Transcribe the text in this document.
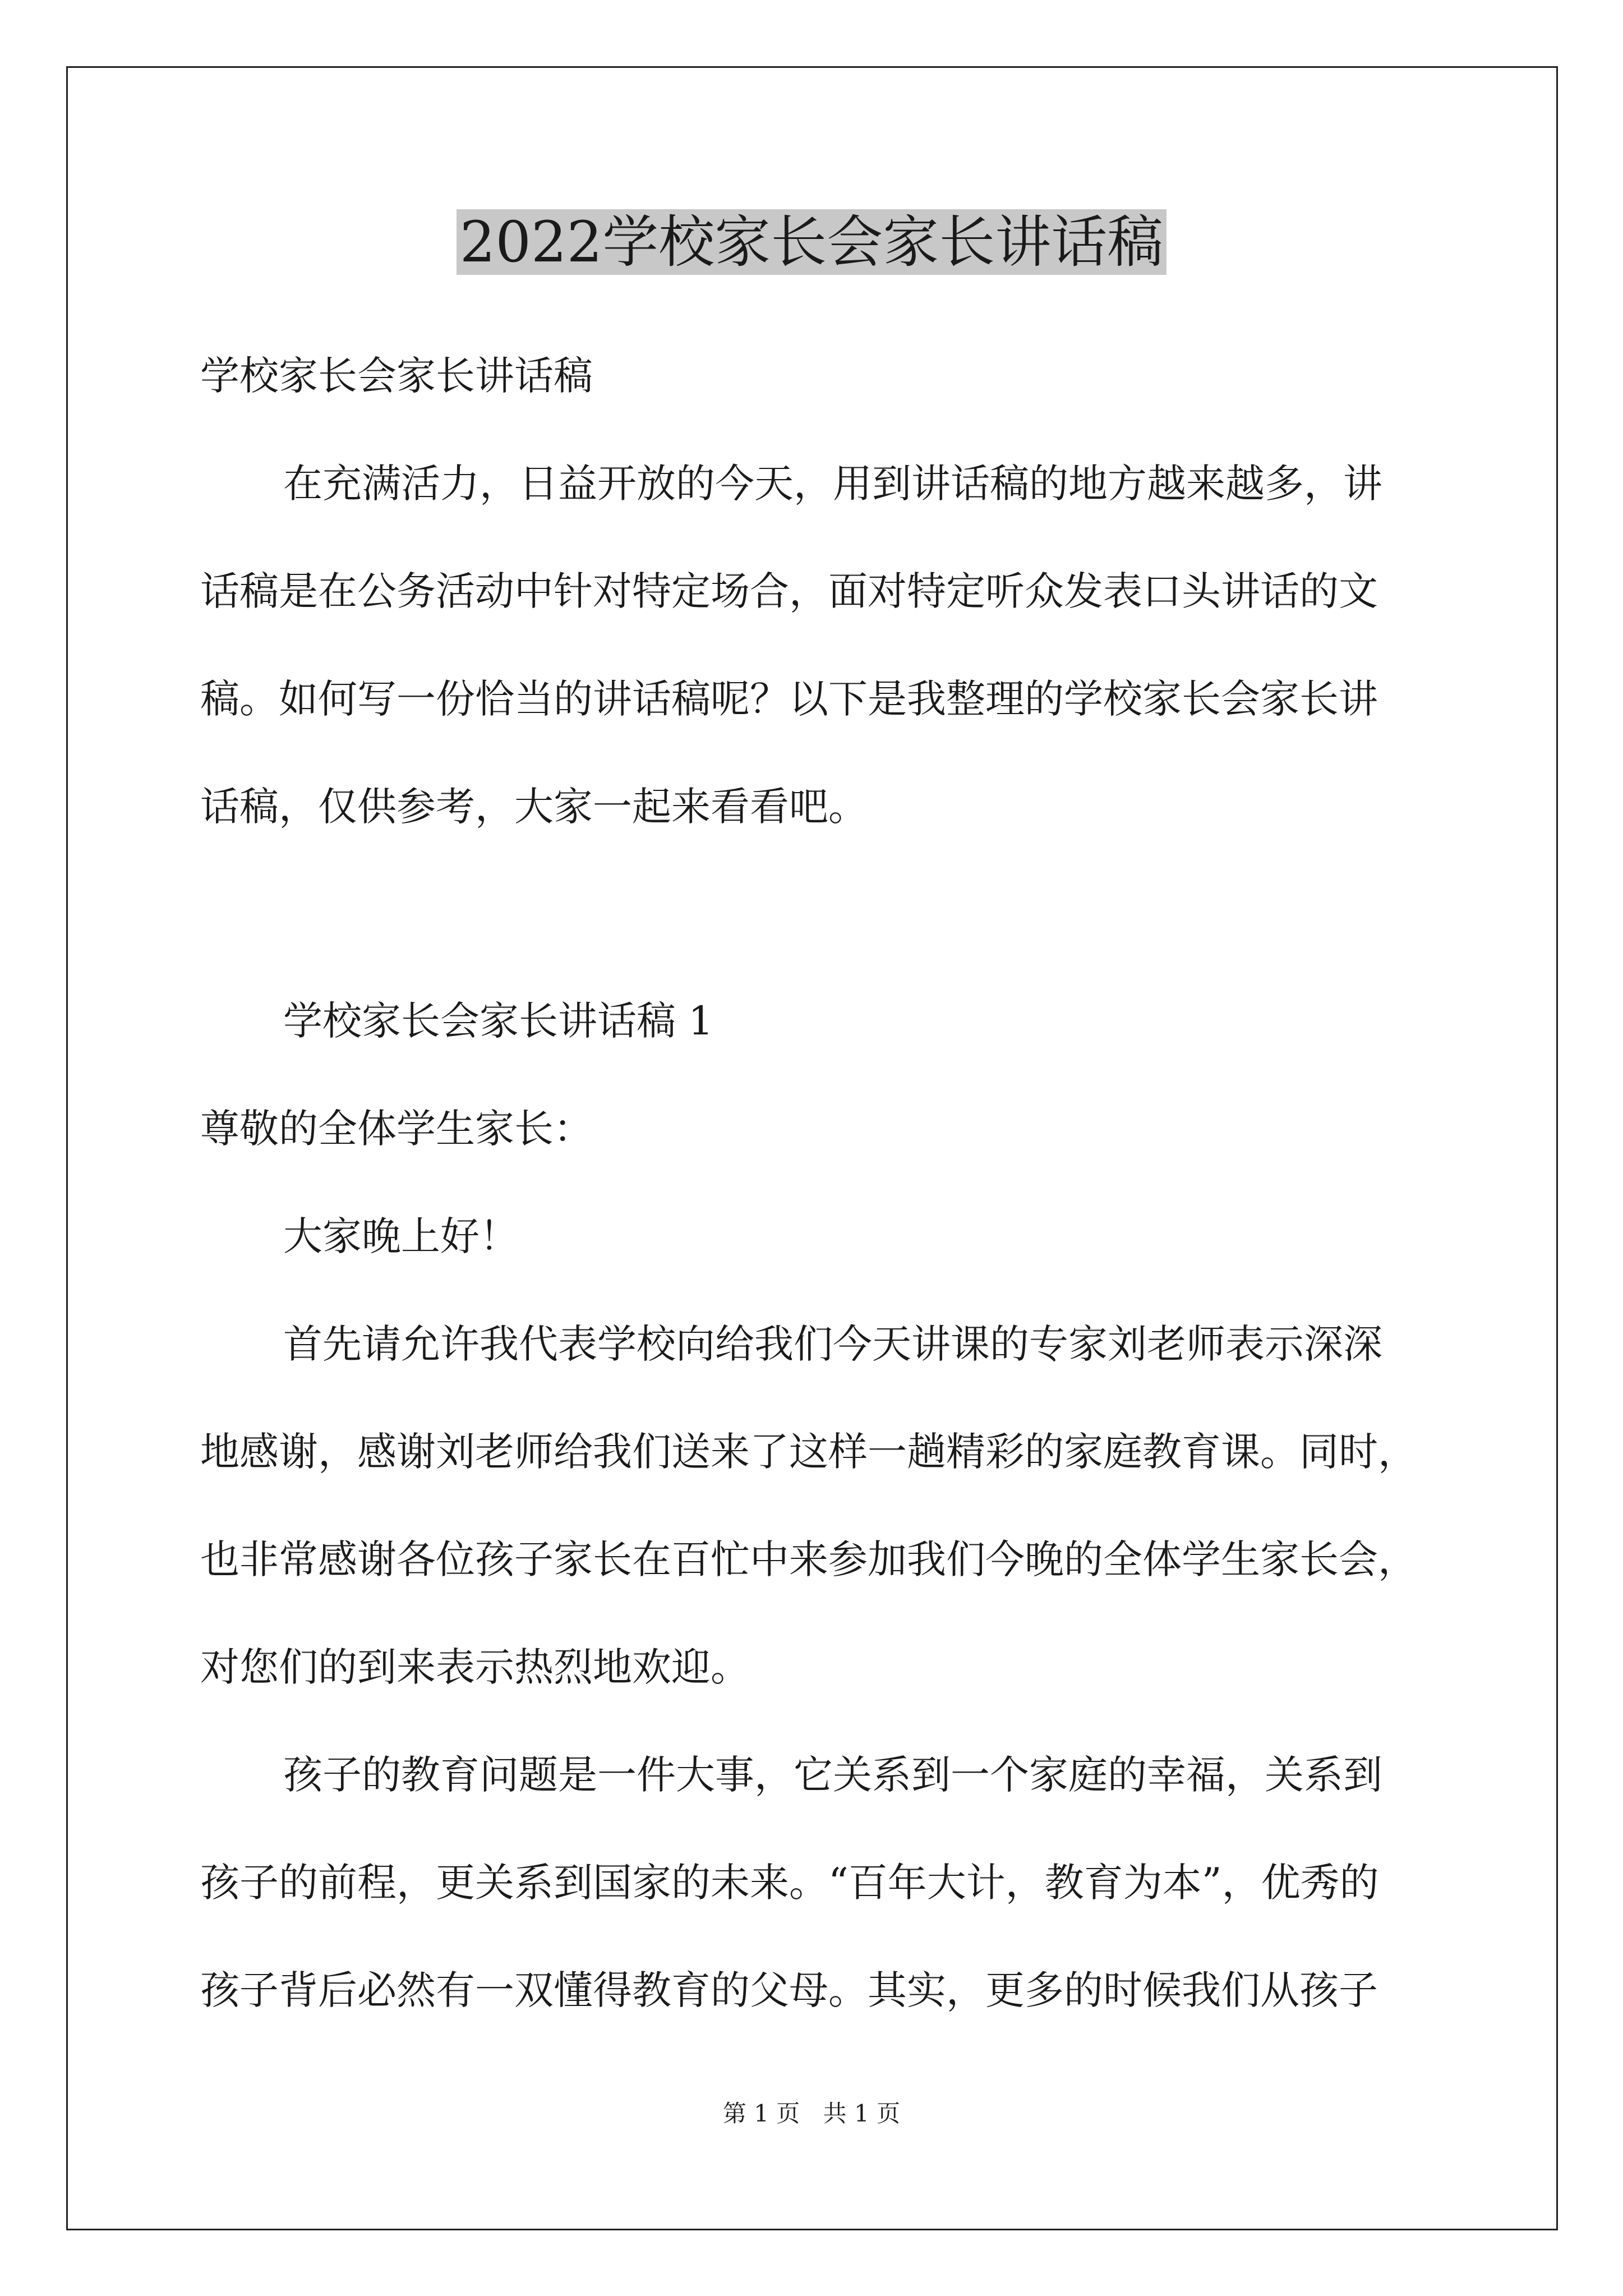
2022学校家长会家长讲话稿

学校家长会家长讲话稿

在充满活力，日益开放的今天，用到讲话稿的地方越来越多，讲

话稿是在公务活动中针对特定场合，面对特定听众发表口头讲话的文

稿。如何写一份恰当的讲话稿呢？以下是我整理的学校家长会家长讲

话稿，仅供参考，大家一起来看看吧。

学校家长会家长讲话稿 1

尊敬的全体学生家长：

大家晚上好！

首先请允许我代表学校向给我们今天讲课的专家刘老师表示深深

地感谢，感谢刘老师给我们送来了这样一趟精彩的家庭教育课。同时，

也非常感谢各位孩子家长在百忙中来参加我们今晚的全体学生家长会，

对您们的到来表示热烈地欢迎。

孩子的教育问题是一件大事，它关系到一个家庭的幸福，关系到

孩子的前程，更关系到国家的未来。“百年大计，教育为本”，优秀的

孩子背后必然有一双懂得教育的父母。其实，更多的时候我们从孩子

第 1 页 共 1 页
